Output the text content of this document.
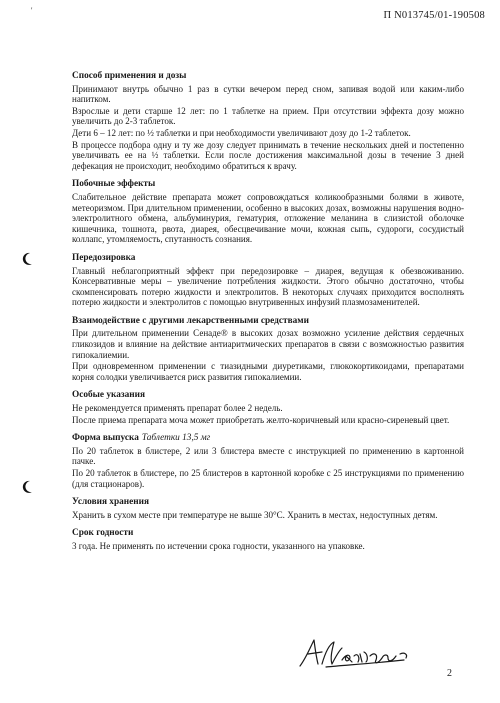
'	П N013745/01-190508
Способ применения и дозы
Принимают внутрь обычно 1 раз в сутки вечером перед сном, запивая водой или каким-либо напитком.
Взрослые и дети старше 12 лет: по 1 таблетке на прием. При отсутствии эффекта дозу можно увеличить до 2-3 таблеток.
Дети 6 – 12 лет: по ½ таблетки и при необходимости увеличивают дозу до 1-2 таблеток.
В процессе подбора одну и ту же дозу следует принимать в течение нескольких дней и постепенно увеличивать ее на ½ таблетки. Если после достижения максимальной дозы в течение 3 дней дефекация не происходит, необходимо обратиться к врачу.
Побочные эффекты
Слабительное действие препарата может сопровождаться коликообразными болями в животе, метеоризмом. При длительном применении, особенно в высоких дозах, возможны нарушения водно-электролитного обмена, альбуминурия, гематурия, отложение меланина в слизистой оболочке кишечника, тошнота, рвота, диарея, обесцвечивание мочи, кожная сыпь, судороги, сосудистый коллапс, утомляемость, спутанность сознания.
Передозировка
Главный неблагоприятный эффект при передозировке – диарея, ведущая к обезвоживанию. Консервативные меры – увеличение потребления жидкости. Этого обычно достаточно, чтобы скомпенсировать потерю жидкости и электролитов. В некоторых случаях приходится восполнять потерю жидкости и электролитов с помощью внутривенных инфузий плазмозаменителей.
Взаимодействие с другими лекарственными средствами
При длительном применении Сенаде® в высоких дозах возможно усиление действия сердечных гликозидов и влияние на действие антиаритмических препаратов в связи с возможностью развития гипокалиемии.
При одновременном применении с тиазидными диуретиками, глюкокортикоидами, препаратами корня солодки увеличивается риск развития гипокалиемии.
Особые указания
Не рекомендуется применять препарат более 2 недель.
После приема препарата моча может приобретать желто-коричневый или красно-сиреневый цвет.
Форма выпуска Таблетки 13,5 мг
По 20 таблеток в блистере, 2 или 3 блистера вместе с инструкцией по применению в картонной пачке.
По 20 таблеток в блистере, по 25 блистеров в картонной коробке с 25 инструкциями по применению (для стационаров).
Условия хранения
Хранить в сухом месте при температуре не выше 30°С. Хранить в местах, недоступных детям.
Срок годности
3 года. Не применять по истечении срока годности, указанного на упаковке.
2
